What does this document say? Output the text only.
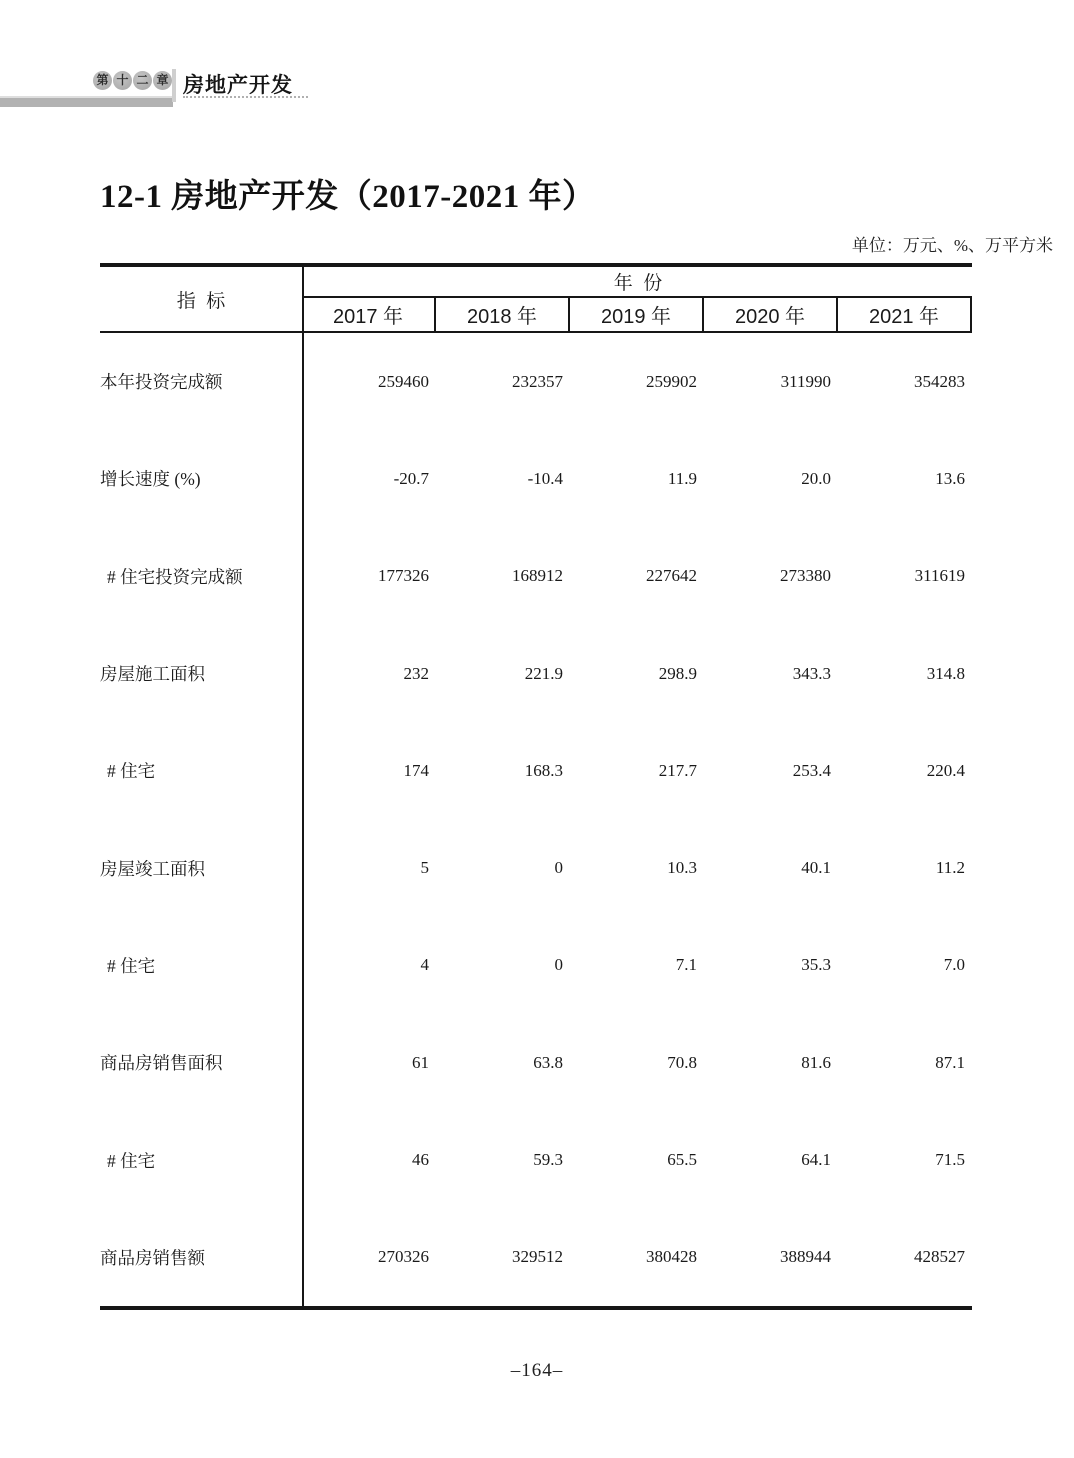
第 十 二 章 房地产开发
12-1 房地产开发（2017-2021 年）
单位：万元、%、万平方米
指  标
年  份
2017 年	2018 年	2019 年	2020 年	2021 年
本年投资完成额	259460	232357	259902	311990	354283
增长速度 (%)	-20.7	-10.4	11.9	20.0	13.6
# 住宅投资完成额	177326	168912	227642	273380	311619
房屋施工面积	232	221.9	298.9	343.3	314.8
# 住宅	174	168.3	217.7	253.4	220.4
房屋竣工面积	5	0	10.3	40.1	11.2
# 住宅	4	0	7.1	35.3	7.0
商品房销售面积	61	63.8	70.8	81.6	87.1
# 住宅	46	59.3	65.5	64.1	71.5
商品房销售额	270326	329512	380428	388944	428527
–164–
